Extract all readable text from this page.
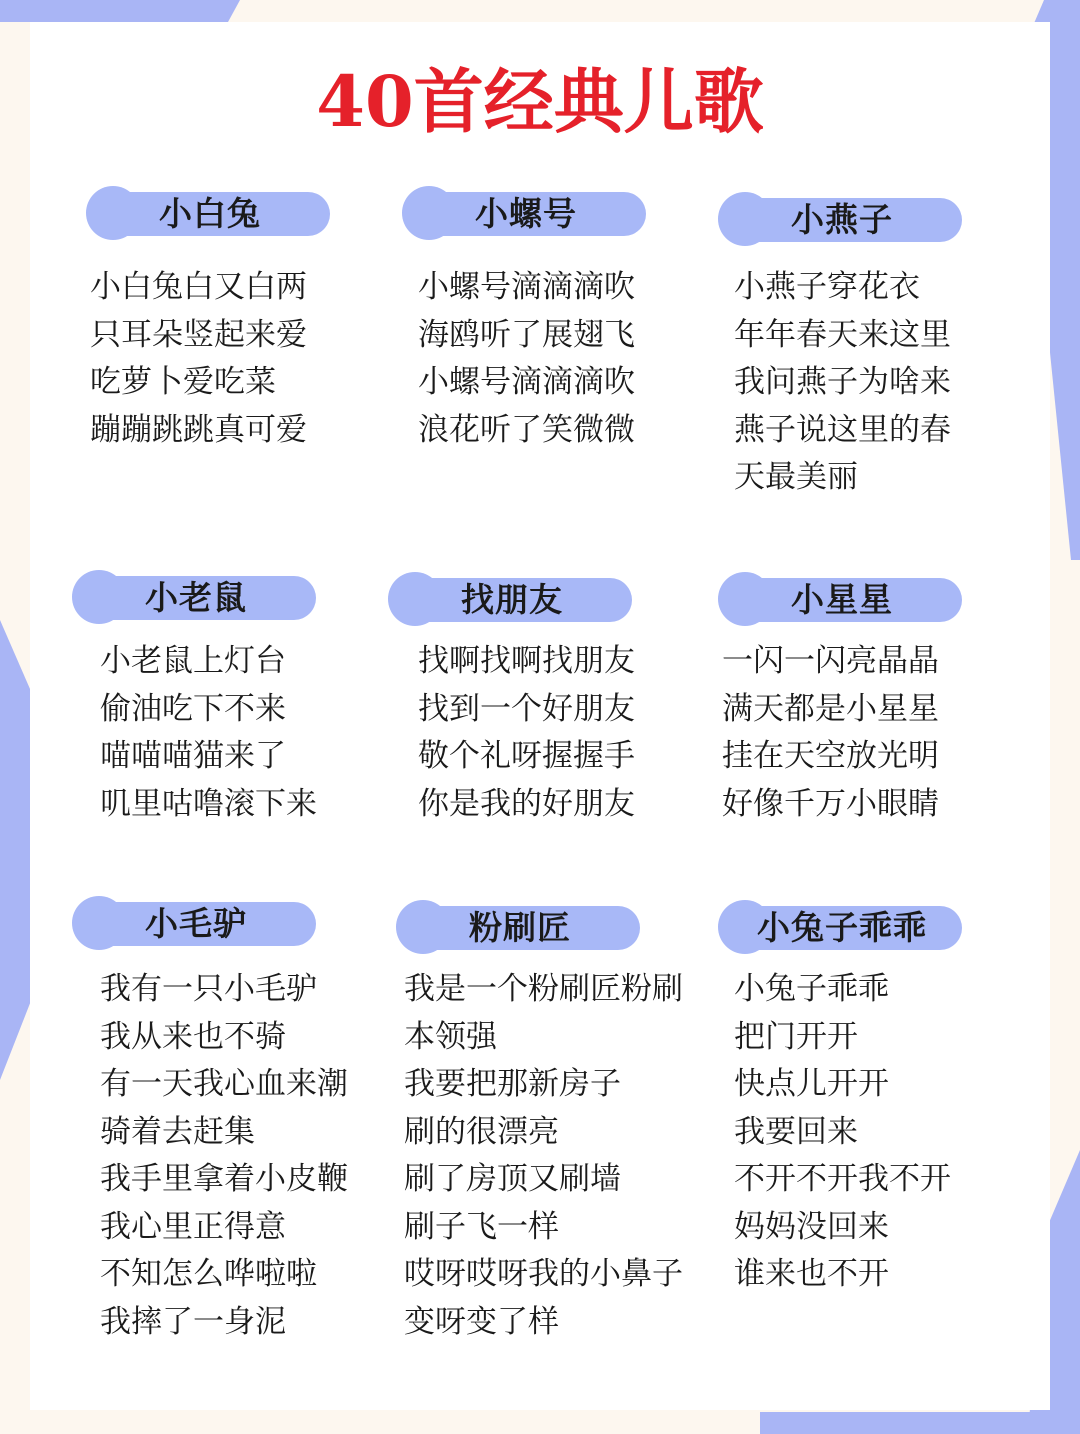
40首经典儿歌
小白兔
小白兔白又白两
只耳朵竖起来爱
吃萝卜爱吃菜
蹦蹦跳跳真可爱
小螺号
小螺号滴滴滴吹
海鸥听了展翅飞
小螺号滴滴滴吹
浪花听了笑微微
小燕子
小燕子穿花衣
年年春天来这里
我问燕子为啥来
燕子说这里的春
天最美丽
小老鼠
小老鼠上灯台
偷油吃下不来
喵喵喵猫来了
叽里咕噜滚下来
找朋友
找啊找啊找朋友
找到一个好朋友
敬个礼呀握握手
你是我的好朋友
小星星
一闪一闪亮晶晶
满天都是小星星
挂在天空放光明
好像千万小眼睛
小毛驴
我有一只小毛驴
我从来也不骑
有一天我心血来潮
骑着去赶集
我手里拿着小皮鞭
我心里正得意
不知怎么哗啦啦
我摔了一身泥
粉刷匠
我是一个粉刷匠粉刷
本领强
我要把那新房子
刷的很漂亮
刷了房顶又刷墙
刷子飞一样
哎呀哎呀我的小鼻子
变呀变了样
小兔子乖乖
小兔子乖乖
把门开开
快点儿开开
我要回来
不开不开我不开
妈妈没回来
谁来也不开
